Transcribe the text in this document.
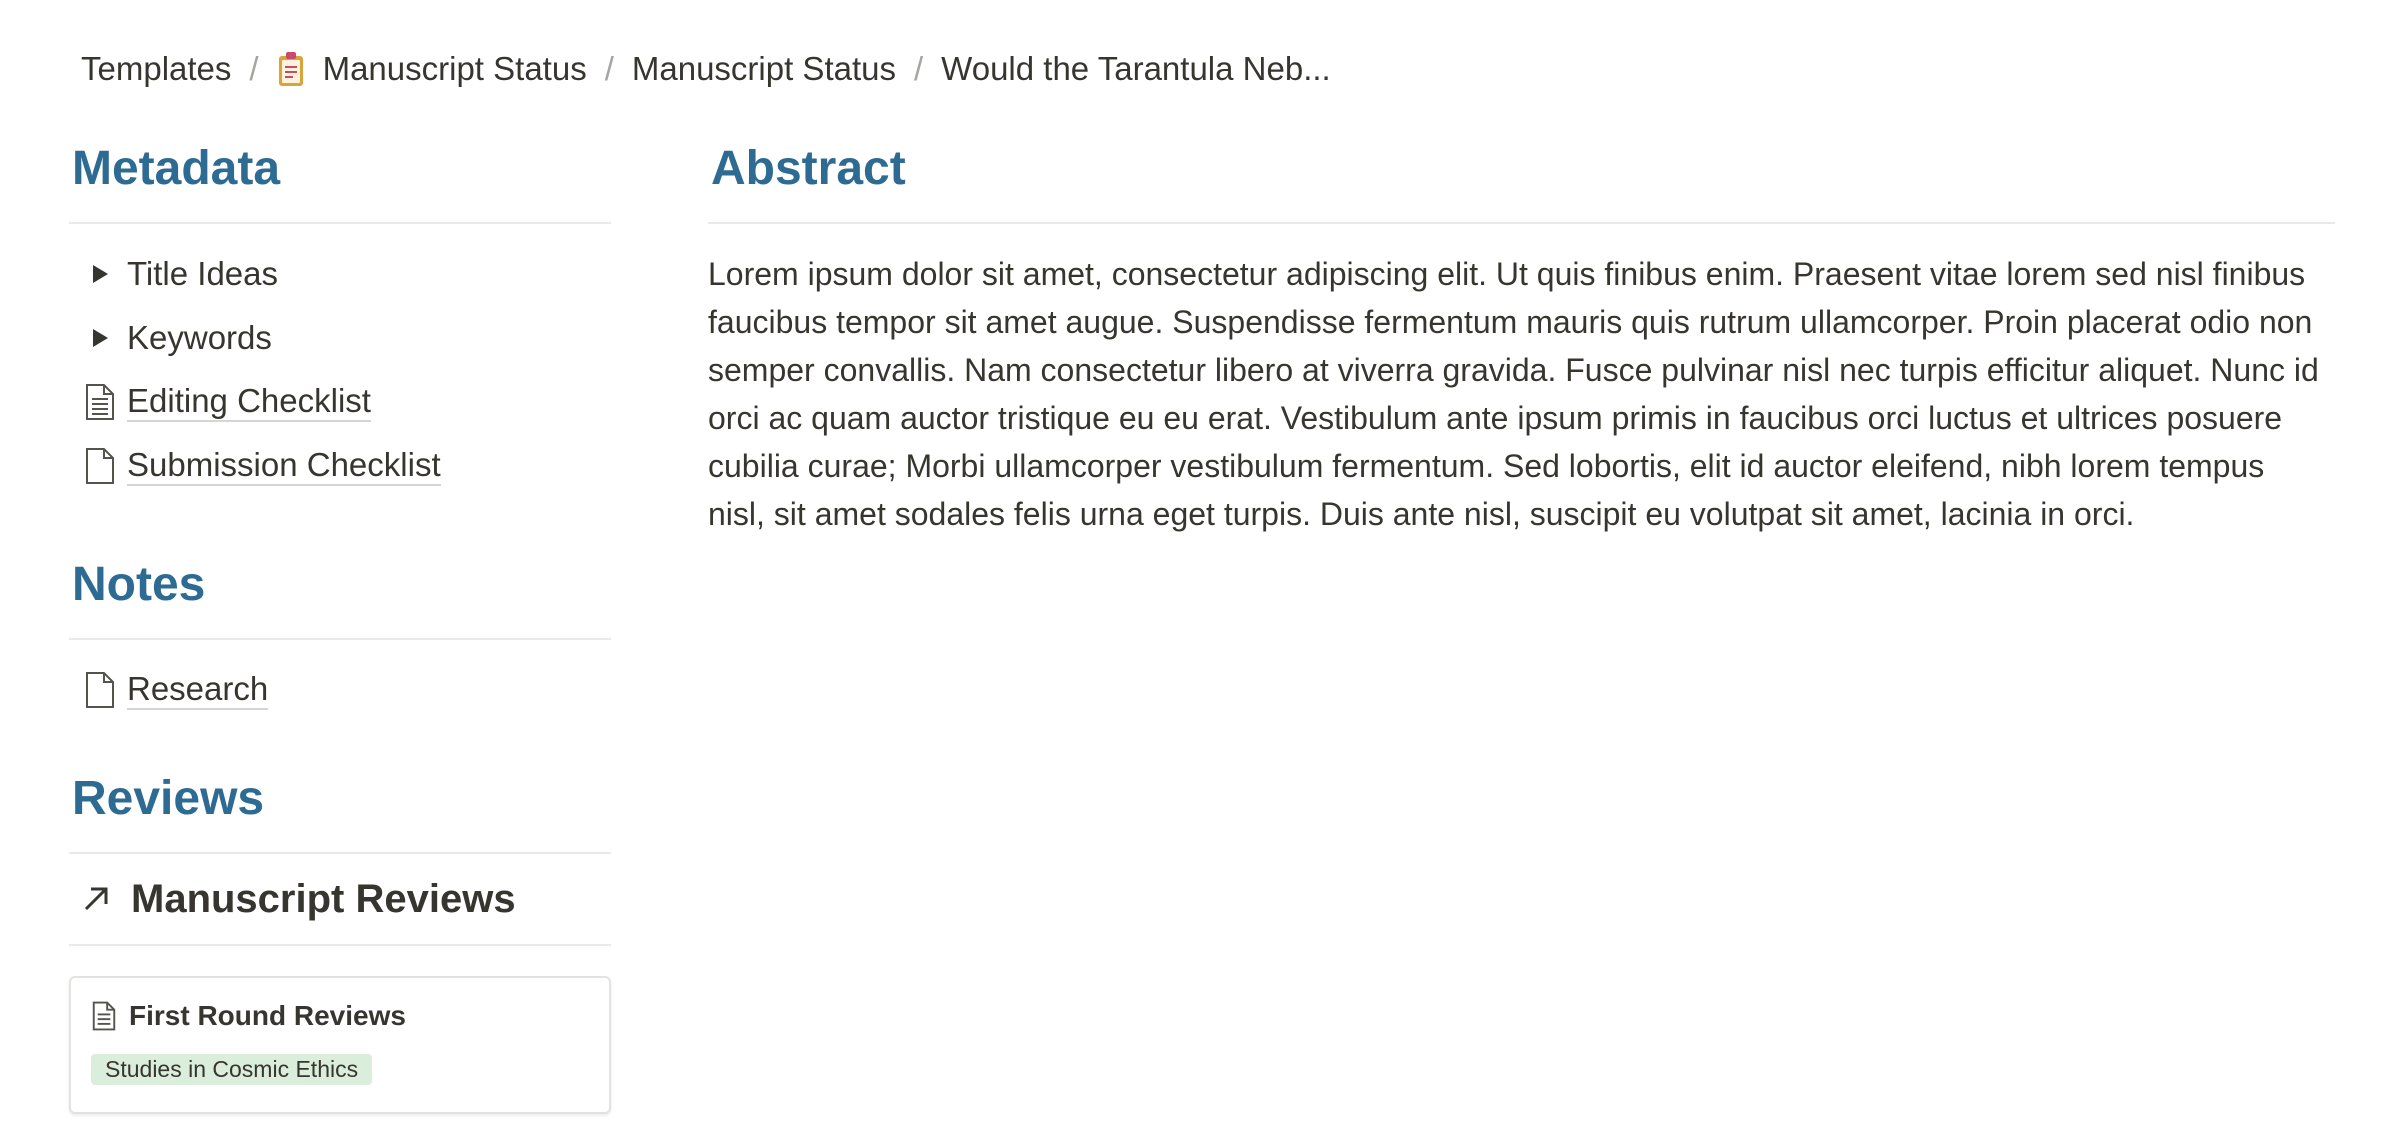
Templates / Manuscript Status / Manuscript Status / Would the Tarantula Neb...
Metadata
Title Ideas
Keywords
Editing Checklist
Submission Checklist
Notes
Research
Reviews
Manuscript Reviews
First Round Reviews
Studies in Cosmic Ethics
Abstract
Lorem ipsum dolor sit amet, consectetur adipiscing elit. Ut quis finibus enim. Praesent vitae lorem sed nisl finibus faucibus tempor sit amet augue. Suspendisse fermentum mauris quis rutrum ullamcorper. Proin placerat odio non semper convallis. Nam consectetur libero at viverra gravida. Fusce pulvinar nisl nec turpis efficitur aliquet. Nunc id orci ac quam auctor tristique eu eu erat. Vestibulum ante ipsum primis in faucibus orci luctus et ultrices posuere cubilia curae; Morbi ullamcorper vestibulum fermentum. Sed lobortis, elit id auctor eleifend, nibh lorem tempus nisl, sit amet sodales felis urna eget turpis. Duis ante nisl, suscipit eu volutpat sit amet, lacinia in orci.
